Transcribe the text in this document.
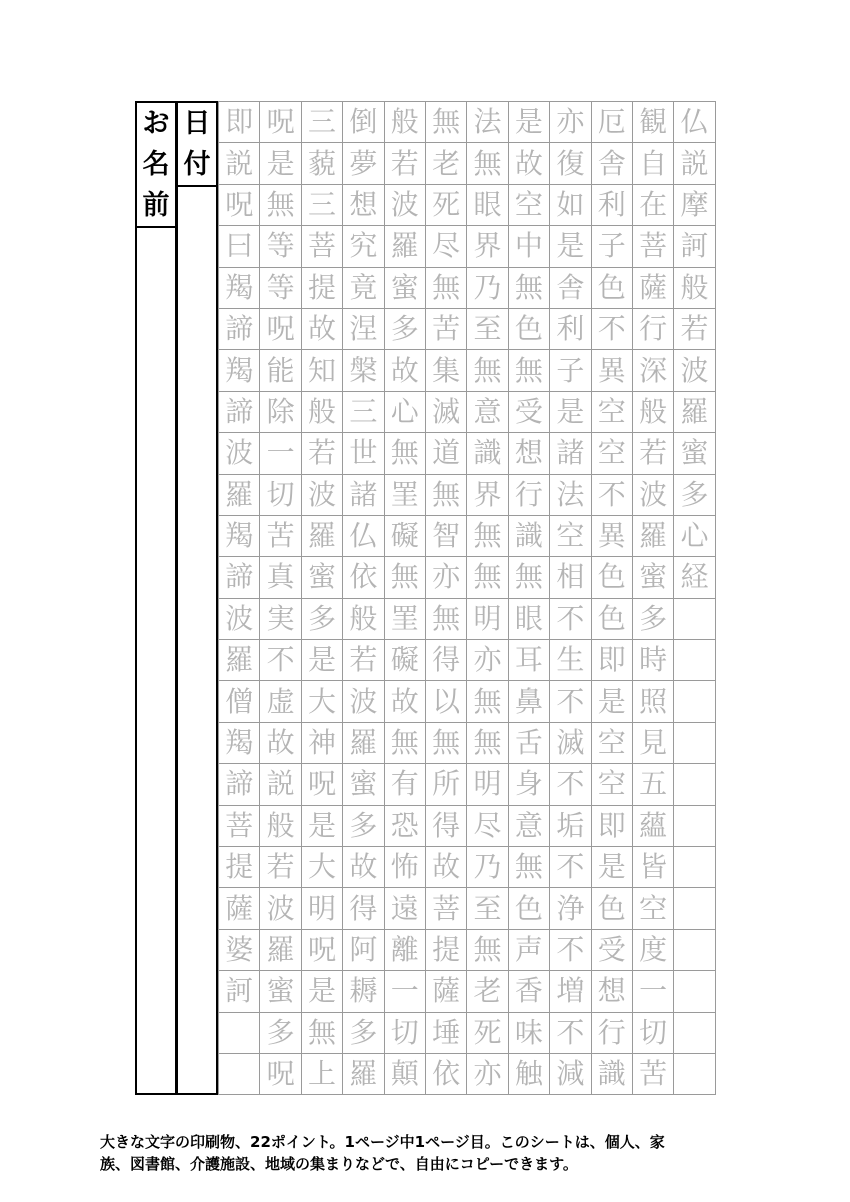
お
名
前
日
付
即 呪 三 倒 般 無 法 是 亦 厄 観 仏
説 是 藐 夢 若 老 無 故 復 舎 自 説
呪 無 三 想 波 死 眼 空 如 利 在 摩
曰 等 菩 究 羅 尽 界 中 是 子 菩 訶
羯 等 提 竟 蜜 無 乃 無 舎 色 薩 般
諦 呪 故 涅 多 苦 至 色 利 不 行 若
羯 能 知 槃 故 集 無 無 子 異 深 波
諦 除 般 三 心 滅 意 受 是 空 般 羅
波 一 若 世 無 道 識 想 諸 空 若 蜜
羅 切 波 諸 罣 無 界 行 法 不 波 多
羯 苦 羅 仏 礙 智 無 識 空 異 羅 心
諦 真 蜜 依 無 亦 無 無 相 色 蜜 経
波 実 多 般 罣 無 明 眼 不 色 多
羅 不 是 若 礙 得 亦 耳 生 即 時
僧 虚 大 波 故 以 無 鼻 不 是 照
羯 故 神 羅 無 無 無 舌 滅 空 見
諦 説 呪 蜜 有 所 明 身 不 空 五
菩 般 是 多 恐 得 尽 意 垢 即 蘊
提 若 大 故 怖 故 乃 無 不 是 皆
薩 波 明 得 遠 菩 至 色 浄 色 空
婆 羅 呪 阿 離 提 無 声 不 受 度
訶 蜜 是 耨 一 薩 老 香 増 想 一
多 無 多 切 埵 死 味 不 行 切
呪 上 羅 顛 依 亦 触 減 識 苦
大きな文字の印刷物、22ポイント。1ページ中1ページ目。このシートは、個人、家
族、図書館、介護施設、地域の集まりなどで、自由にコピーできます。
